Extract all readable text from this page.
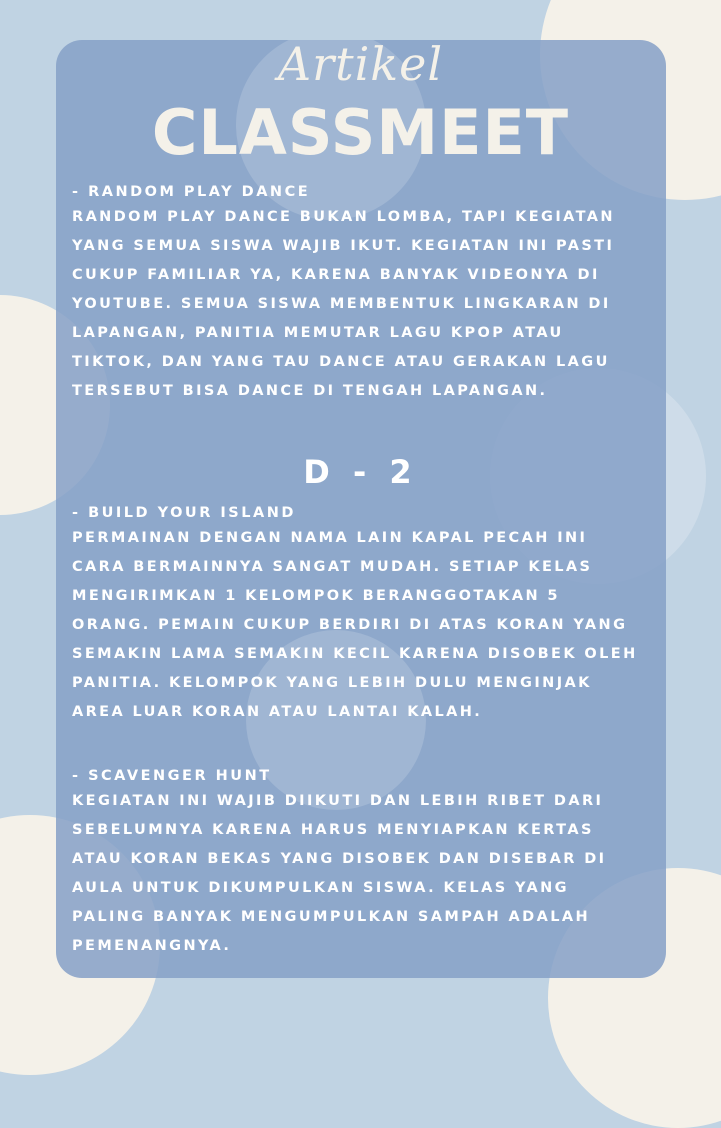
Artikel
CLASSMEET
- RANDOM PLAY DANCE
RANDOM PLAY DANCE BUKAN LOMBA, TAPI KEGIATAN
YANG SEMUA SISWA WAJIB IKUT. KEGIATAN INI PASTI
CUKUP FAMILIAR YA, KARENA BANYAK VIDEONYA DI
YOUTUBE. SEMUA SISWA MEMBENTUK LINGKARAN DI
LAPANGAN, PANITIA MEMUTAR LAGU KPOP ATAU
TIKTOK, DAN YANG TAU DANCE ATAU GERAKAN LAGU
TERSEBUT BISA DANCE DI TENGAH LAPANGAN.
D - 2
- BUILD YOUR ISLAND
PERMAINAN DENGAN NAMA LAIN KAPAL PECAH INI
CARA BERMAINNYA SANGAT MUDAH. SETIAP KELAS
MENGIRIMKAN 1 KELOMPOK BERANGGOTAKAN 5
ORANG. PEMAIN CUKUP BERDIRI DI ATAS KORAN YANG
SEMAKIN LAMA SEMAKIN KECIL KARENA DISOBEK OLEH
PANITIA. KELOMPOK YANG LEBIH DULU MENGINJAK
AREA LUAR KORAN ATAU LANTAI KALAH.
- SCAVENGER HUNT
KEGIATAN INI WAJIB DIIKUTI DAN LEBIH RIBET DARI
SEBELUMNYA KARENA HARUS MENYIAPKAN KERTAS
ATAU KORAN BEKAS YANG DISOBEK DAN DISEBAR DI
AULA UNTUK DIKUMPULKAN SISWA. KELAS YANG
PALING BANYAK MENGUMPULKAN SAMPAH ADALAH
PEMENANGNYA.
